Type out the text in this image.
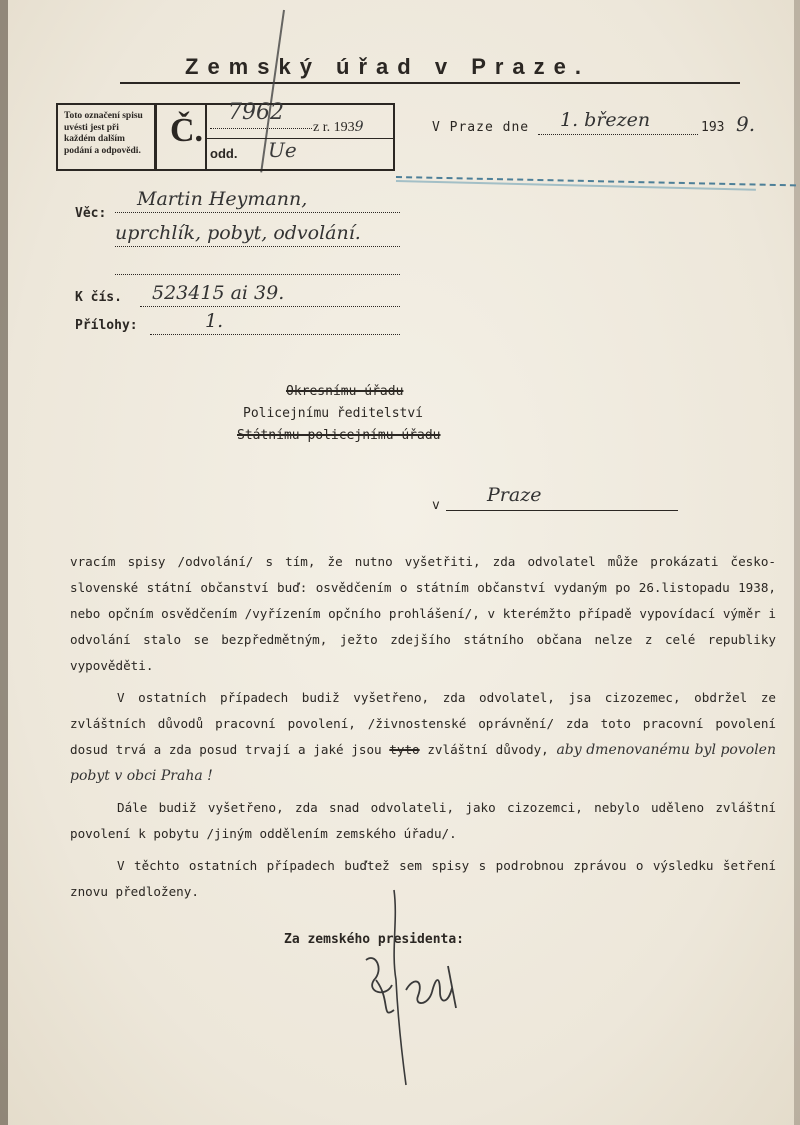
Zemský úřad v Praze.
Toto označení spisu uvésti jest při každém dalším podání a odpovědi.
Č. 7962
z r. 1939
odd. Ue
V Praze dne 1. březen	193 9.
Věc:
Martin Heymann,
uprchlík, pobyt, odvolání.
K čís. 523415 ai 39.
Přílohy:	1.
Okresnímu úřadu
Policejnímu ředitelství
Státnímu policejnímu úřadu
v Praze

vracím spisy /odvolání/ s tím, že nutno vyšetřiti, zda odvolatel může prokázati česko-slovenské státní občanství buď: osvědčením o státním občanství vydaným po 26.listopadu 1938, nebo opčním osvědčením /vyřízením opčního prohlášení/, v kterémžto případě vypovídací výměr i odvolání stalo se bezpředmětným, ježto zdejšího státního občana nelze z celé republiky vypověděti.

V ostatních případech budiž vyšetřeno, zda odvolatel, jsa cizozemec, obdržel ze zvláštních důvodů pracovní povolení, /živnostenské oprávnění/ zda toto pracovní povolení dosud trvá a zda posud trvají a jaké jsou tyto zvláštní důvody, aby dmenovanému byl povolen pobyt v obci Praha !

Dále budiž vyšetřeno, zda snad odvolateli, jako cizozemci, nebylo uděleno zvláštní povolení k pobytu /jiným oddělením zemského úřadu/.

V těchto ostatních případech buďtež sem spisy s podrobnou zprávou o výsledku šetření znovu předloženy.

Za zemského presidenta:
